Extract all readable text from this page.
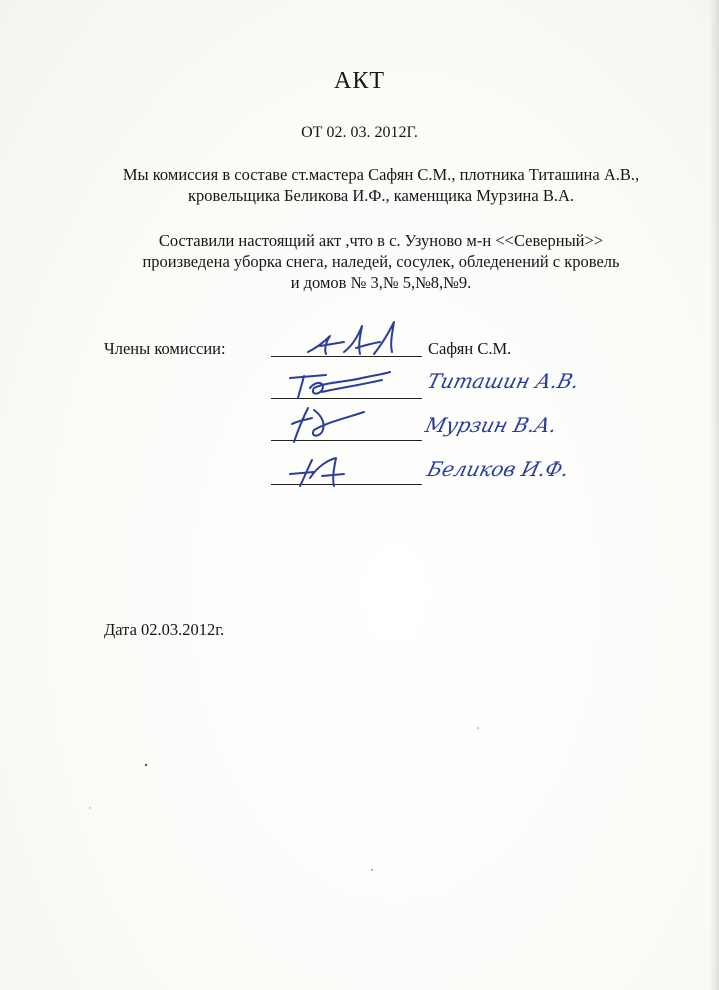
АКТ
ОТ 02. 03. 2012Г.
Мы комиссия в составе ст.мастера Сафян С.М., плотника Титашина А.В., кровельщика Беликова И.Ф., каменщика Мурзина В.А.
Составили настоящий акт ,что в с. Узуново м-н <<Северный>>
произведена уборка снега, наледей, сосулек, обледенений с кровель
и домов № 3,№ 5,№8,№9.
Члены комиссии:	Сафян С.М.
Титашин А.В.
Мурзин В.А.
Беликов И.Ф.
Дата 02.03.2012г.
